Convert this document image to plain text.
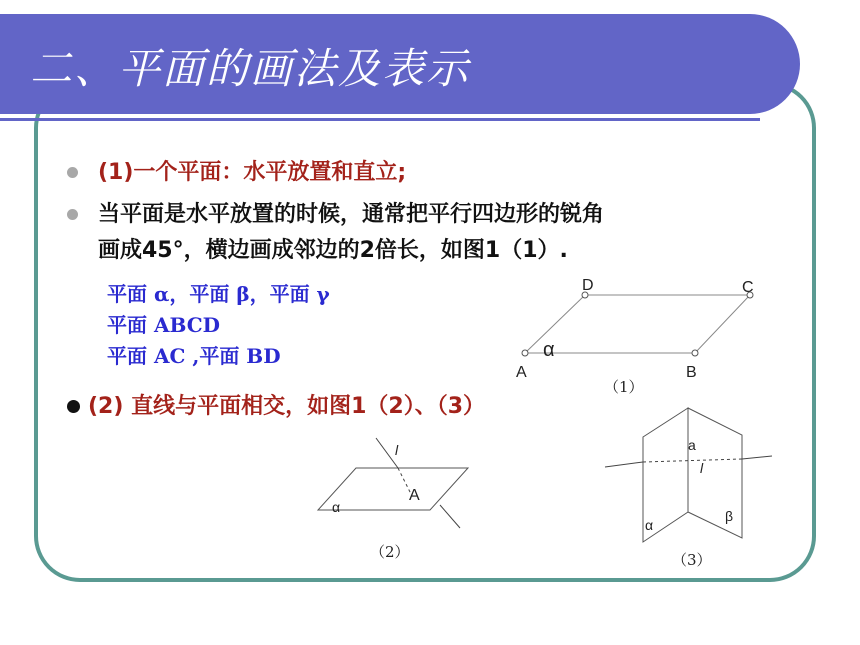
二、平面的画法及表示
(1)一个平面：水平放置和直立;
当平面是水平放置的时候，通常把平行四边形的锐角
画成45°，横边画成邻边的2倍长，如图1（1）.
平面 α，平面 β，平面 γ
平面 ABCD
平面 AC ,平面 BD
(2) 直线与平面相交，如图1（2）、（3）
D	C
A	B
α
（1）
l
A
α
（2）
a
l
α
β
（3）
